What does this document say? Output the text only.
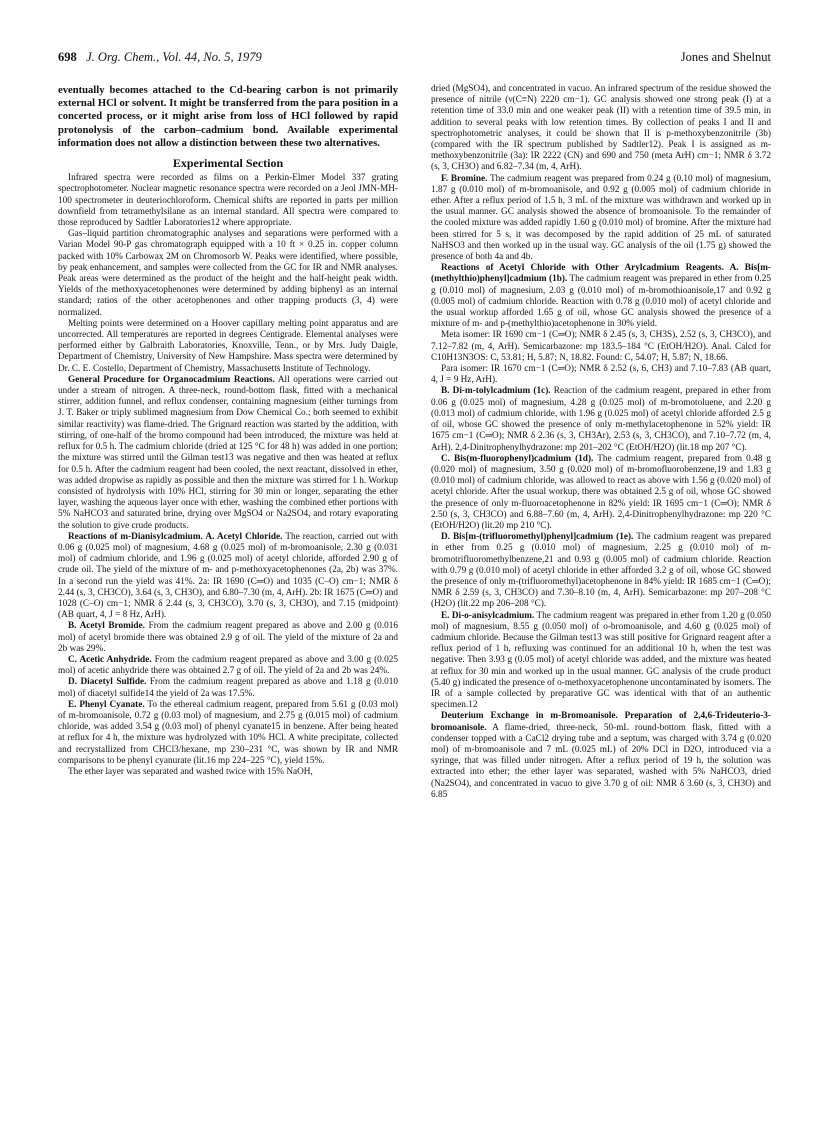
698 J. Org. Chem., Vol. 44, No. 5, 1979	Jones and Shelnut

eventually becomes attached to the Cd-bearing carbon is not primarily external HCl or solvent. It might be transferred from the para position in a concerted process, or it might arise from loss of HCl followed by rapid protonolysis of the carbon–cadmium bond. Available experimental information does not allow a distinction between these two alternatives.

Experimental Section

Infrared spectra were recorded as films on a Perkin-Elmer Model 337 grating spectrophotometer. Nuclear magnetic resonance spectra were recorded on a Jeol JMN-MH-100 spectrometer in deuteriochloroform. Chemical shifts are reported in parts per million downfield from tetramethylsilane as an internal standard. All spectra were compared to those reproduced by Sadtler Laboratories12 where appropriate.

Gas–liquid partition chromatographic analyses and separations were performed with a Varian Model 90-P gas chromatograph equipped with a 10 ft × 0.25 in. copper column packed with 10% Carbowax 2M on Chromosorb W. Peaks were identified, where possible, by peak enhancement, and samples were collected from the GC for IR and NMR analyses. Peak areas were determined as the product of the height and the half-height peak width. Yields of the methoxyacetophenones were determined by adding biphenyl as an internal standard; ratios of the other acetophenones and other trapping products (3, 4) were normalized.

Melting points were determined on a Hoover capillary melting point apparatus and are uncorrected. All temperatures are reported in degrees Centigrade. Elemental analyses were performed either by Galbraith Laboratories, Knoxville, Tenn., or by Mrs. Judy Daigle, Department of Chemistry, University of New Hampshire. Mass spectra were determined by Dr. C. E. Costello, Department of Chemistry, Massachusetts Institute of Technology.

General Procedure for Organocadmium Reactions. All operations were carried out under a stream of nitrogen. A three-neck, round-bottom flask, fitted with a mechanical stirrer, addition funnel, and reflux condenser, containing magnesium (either turnings from J. T. Baker or triply sublimed magnesium from Dow Chemical Co.; both seemed to exhibit similar reactivity) was flame-dried. The Grignard reaction was started by the addition, with stirring, of one-half of the bromo compound had been introduced, the mixture was held at reflux for 0.5 h. The cadmium chloride (dried at 125 °C for 48 h) was added in one portion; the mixture was stirred until the Gilman test13 was negative and then was heated at reflux for 0.5 h. After the cadmium reagent had been cooled, the next reactant, dissolved in ether, was added dropwise as rapidly as possible and then the mixture was stirred for 1 h. Workup consisted of hydrolysis with 10% HCl, stirring for 30 min or longer, separating the ether layer, washing the aqueous layer once with ether, washing the combined ether portions with 5% NaHCO3 and saturated brine, drying over MgSO4 or Na2SO4, and rotary evaporating the solution to give crude products.

Reactions of m-Dianisylcadmium. A. Acetyl Chloride. The reaction, carried out with 0.06 g (0.025 mol) of magnesium, 4.68 g (0.025 mol) of m-bromoanisole, 2.30 g (0.031 mol) of cadmium chloride, and 1.96 g (0.025 mol) of acetyl chloride, afforded 2.90 g of crude oil. The yield of the mixture of m- and p-methoxyacetophenones (2a, 2b) was 37%. In a second run the yield was 41%. 2a: IR 1690 (C═O) and 1035 (C–O) cm−1; NMR δ 2.44 (s, 3, CH3CO), 3.64 (s, 3, CH3O), and 6.80–7.30 (m, 4, ArH). 2b: IR 1675 (C═O) and 1028 (C–O) cm−1; NMR δ 2.44 (s, 3, CH3CO), 3.70 (s, 3, CH3O), and 7.15 (midpoint) (AB quart, 4, J = 8 Hz, ArH).

B. Acetyl Bromide. From the cadmium reagent prepared as above and 2.00 g (0.016 mol) of acetyl bromide there was obtained 2.9 g of oil. The yield of the mixture of 2a and 2b was 29%.

C. Acetic Anhydride. From the cadmium reagent prepared as above and 3.00 g (0.025 mol) of acetic anhydride there was obtained 2.7 g of oil. The yield of 2a and 2b was 24%.

D. Diacetyl Sulfide. From the cadmium reagent prepared as above and 1.18 g (0.010 mol) of diacetyl sulfide14 the yield of 2a was 17.5%.

E. Phenyl Cyanate. To the ethereal cadmium reagent, prepared from 5.61 g (0.03 mol) of m-bromoanisole, 0.72 g (0.03 mol) of magnesium, and 2.75 g (0.015 mol) of cadmium chloride, was added 3.54 g (0.03 mol) of phenyl cyanate15 in benzene. After being heated at reflux for 4 h, the mixture was hydrolyzed with 10% HCl. A white precipitate, collected and recrystallized from CHCl3/hexane, mp 230–231 °C, was shown by IR and NMR comparisons to be phenyl cyanurate (lit.16 mp 224–225 °C), yield 15%.

The ether layer was separated and washed twice with 15% NaOH,

dried (MgSO4), and concentrated in vacuo. An infrared spectrum of the residue showed the presence of nitrile (ν(C≡N) 2220 cm−1). GC analysis showed one strong peak (I) at a retention time of 33.0 min and one weaker peak (II) with a retention time of 39.5 min, in addition to several peaks with low retention times. By collection of peaks I and II and spectrophotometric analyses, it could be shown that II is p-methoxybenzonitrile (3b) (compared with the IR spectrum published by Sadtler12). Peak I is assigned as m-methoxybenzonitrile (3a): IR 2222 (CN) and 690 and 750 (meta ArH) cm−1; NMR δ 3.72 (s, 3, CH3O) and 6.82–7.34 (m, 4, ArH).

F. Bromine. The cadmium reagent was prepared from 0.24 g (0.10 mol) of magnesium, 1.87 g (0.010 mol) of m-bromoanisole, and 0.92 g (0.005 mol) of cadmium chloride in ether. After a reflux period of 1.5 h, 3 mL of the mixture was withdrawn and worked up in the usual manner. GC analysis showed the absence of bromoanisole. To the remainder of the cooled mixture was added rapidly 1.60 g (0.010 mol) of bromine. After the mixture had been stirred for 5 s, it was decomposed by the rapid addition of 25 mL of saturated NaHSO3 and then worked up in the usual way. GC analysis of the oil (1.75 g) showed the presence of both 4a and 4b.

Reactions of Acetyl Chloride with Other Arylcadmium Reagents. A. Bis[m-(methylthio)phenyl]cadmium (1b). The cadmium reagent was prepared in ether from 0.25 g (0.010 mol) of magnesium, 2.03 g (0.010 mol) of m-bromothioanisole,17 and 0.92 g (0.005 mol) of cadmium chloride. Reaction with 0.78 g (0.010 mol) of acetyl chloride and the usual workup afforded 1.65 g of oil, whose GC analysis showed the presence of a mixture of m- and p-(methylthio)acetophenone in 30% yield.

Meta isomer: IR 1690 cm−1 (C═O); NMR δ 2.45 (s, 3, CH3S), 2.52 (s, 3, CH3CO), and 7.12–7.82 (m, 4, ArH). Semicarbazone: mp 183.5–184 °C (EtOH/H2O). Anal. Calcd for C10H13N3OS: C, 53.81; H, 5.87; N, 18.82. Found: C, 54.07; H, 5.87; N, 18.66.

Para isomer: IR 1670 cm−1 (C═O); NMR δ 2.52 (s, 6, CH3) and 7.10–7.83 (AB quart, 4, J = 9 Hz, ArH).

B. Di-m-tolylcadmium (1c). Reaction of the cadmium reagent, prepared in ether from 0.06 g (0.025 mol) of magnesium, 4.28 g (0.025 mol) of m-bromotoluene, and 2.20 g (0.013 mol) of cadmium chloride, with 1.96 g (0.025 mol) of acetyl chloride afforded 2.5 g of oil, whose GC showed the presence of only m-methylacetophenone in 52% yield: IR 1675 cm−1 (C═O); NMR δ 2.36 (s, 3, CH3Ar), 2.53 (s, 3, CH3CO), and 7.10–7.72 (m, 4, ArH). 2,4-Dinitrophenylhydrazone: mp 201–202 °C (EtOH/H2O) (lit.18 mp 207 °C).

C. Bis(m-fluorophenyl)cadmium (1d). The cadmium reagent, prepared from 0.48 g (0.020 mol) of magnesium, 3.50 g (0.020 mol) of m-bromofluorobenzene,19 and 1.83 g (0.010 mol) of cadmium chloride, was allowed to react as above with 1.56 g (0.020 mol) of acetyl chloride. After the usual workup, there was obtained 2.5 g of oil, whose GC showed the presence of only m-fluoroacetophenone in 82% yield: IR 1695 cm−1 (C═O); NMR δ 2.50 (s, 3, CH3CO) and 6.88–7.60 (m, 4, ArH). 2,4-Dinitrophenylhydrazone: mp 220 °C (EtOH/H2O) (lit.20 mp 210 °C).

D. Bis[m-(trifluoromethyl)phenyl]cadmium (1e). The cadmium reagent was prepared in ether from 0.25 g (0.010 mol) of magnesium, 2.25 g (0.010 mol) of m-bromotrifluoromethylbenzene,21 and 0.93 g (0.005 mol) of cadmium chloride. Reaction with 0.79 g (0.010 mol) of acetyl chloride in ether afforded 3.2 g of oil, whose GC showed the presence of only m-(trifluoromethyl)acetophenone in 84% yield: IR 1685 cm−1 (C═O); NMR δ 2.59 (s, 3, CH3CO) and 7.30–8.10 (m, 4, ArH). Semicarbazone: mp 207–208 °C (H2O) (lit.22 mp 206–208 °C).

E. Di-o-anisylcadmium. The cadmium reagent was prepared in ether from 1.20 g (0.050 mol) of magnesium, 8.55 g (0.050 mol) of o-bromoanisole, and 4.60 g (0.025 mol) of cadmium chloride. Because the Gilman test13 was still positive for Grignard reagent after a reflux period of 1 h, refluxing was continued for an additional 10 h, when the test was negative. Then 3.93 g (0.05 mol) of acetyl chloride was added, and the mixture was heated at reflux for 30 min and worked up in the usual manner. GC analysis of the crude product (5.40 g) indicated the presence of o-methoxyacetophenone uncontaminated by isomers. The IR of a sample collected by preparative GC was identical with that of an authentic specimen.12

Deuterium Exchange in m-Bromoanisole. Preparation of 2,4,6-Trideuterio-3-bromoanisole. A flame-dried, three-neck, 50-mL round-bottom flask, fitted with a condenser topped with a CaCl2 drying tube and a septum, was charged with 3.74 g (0.020 mol) of m-bromoanisole and 7 mL (0.025 mL) of 20% DCl in D2O, introduced via a syringe, that was filled under nitrogen. After a reflux period of 19 h, the solution was extracted into ether; the ether layer was separated, washed with 5% NaHCO3, dried (Na2SO4), and concentrated in vacuo to give 3.70 g of oil: NMR δ 3.60 (s, 3, CH3O) and 6.85
